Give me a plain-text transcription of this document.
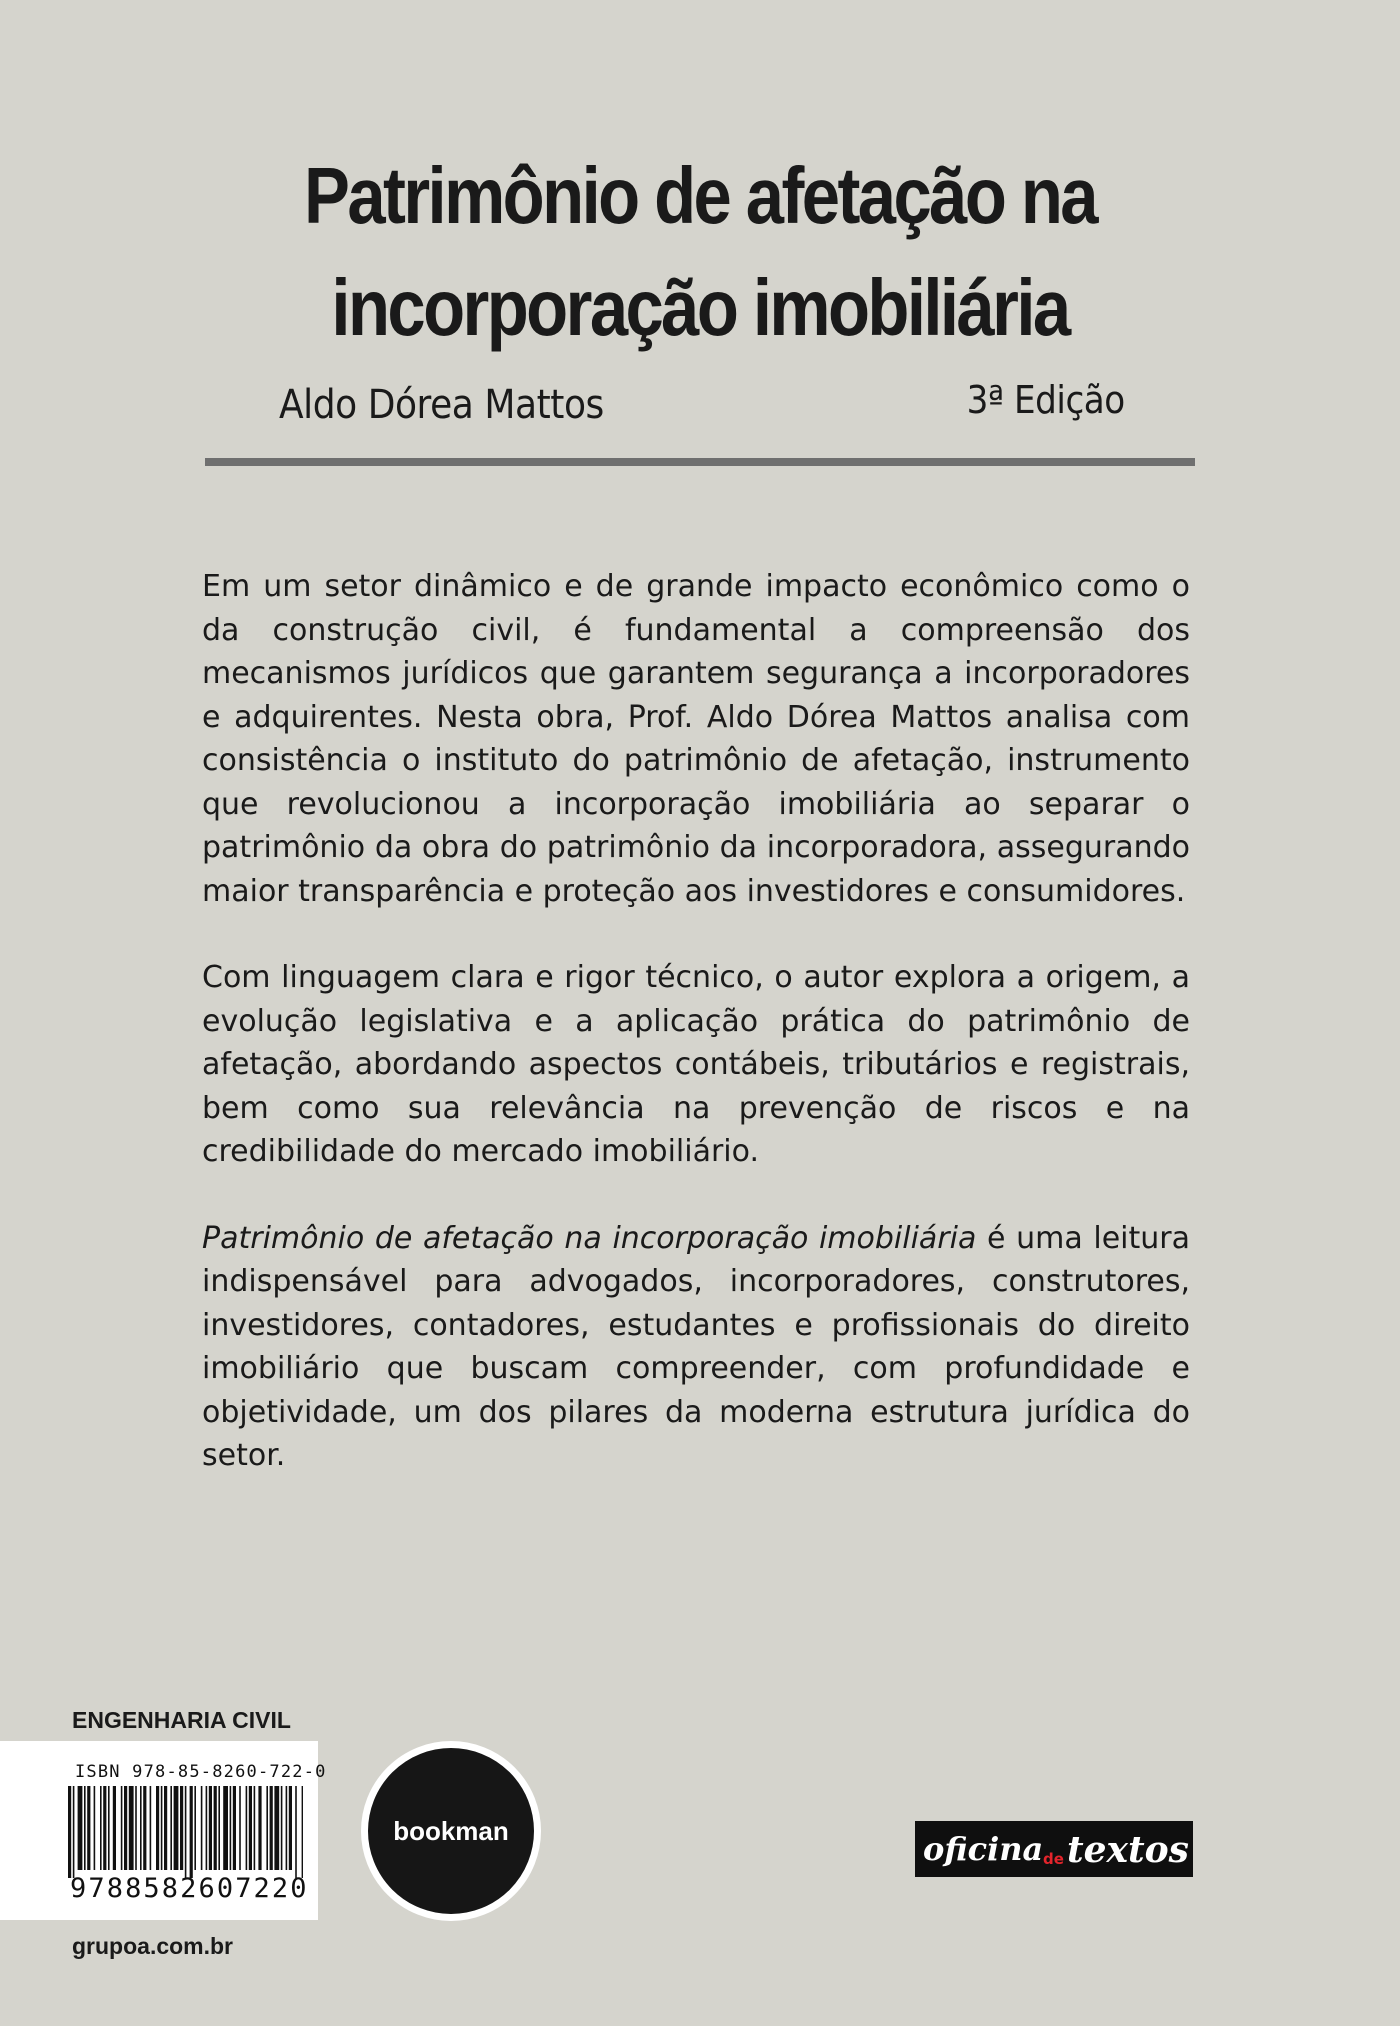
Patrimônio de afetação na
incorporação imobiliária
Aldo Dórea Mattos	3ª Edição

Em um setor dinâmico e de grande impacto econômico como o da construção civil, é fundamental a compreensão dos mecanismos jurídicos que garantem segurança a incorporadores e adquirentes. Nesta obra, Prof. Aldo Dórea Mattos analisa com consistência o instituto do patrimônio de afetação, instrumento que revolucionou a incorporação imobiliária ao separar o patrimônio da obra do patrimônio da incorporadora, assegurando maior transparência e proteção aos investidores e consumidores.

Com linguagem clara e rigor técnico, o autor explora a origem, a evolução legislativa e a aplicação prática do patrimônio de afetação, abordando aspectos contábeis, tributários e registrais, bem como sua relevância na prevenção de riscos e na credibilidade do mercado imobiliário.

Patrimônio de afetação na incorporação imobiliária é uma leitura indispensável para advogados, incorporadores, construtores, investidores, contadores, estudantes e profissionais do direito imobiliário que buscam compreender, com profundidade e objetividade, um dos pilares da moderna estrutura jurídica do setor.

ENGENHARIA CIVIL
ISBN 978-85-8260-722-0
9788582607220
grupoa.com.br
bookman	oficina de textos
